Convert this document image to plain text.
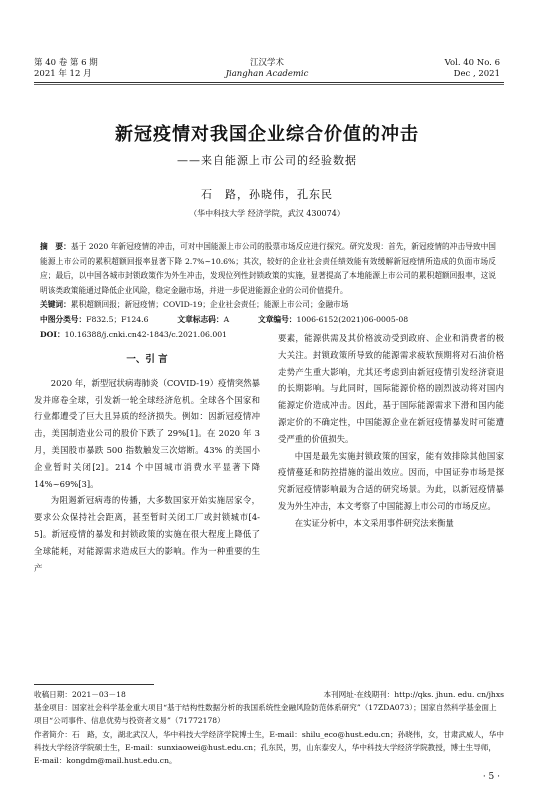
第 40 卷 第 6 期
2021 年 12 月
江汉学术
Jianghan Academic
Vol. 40 No. 6
Dec , 2021
新冠疫情对我国企业综合价值的冲击
——来自能源上市公司的经验数据
石　路，孙晓伟，孔东民
（华中科技大学 经济学院，武汉 430074）
摘　要：基于 2020 年新冠疫情的冲击，可对中国能源上市公司的股票市场反应进行探究。研究发现：首先，新冠疫情的冲击导致中国能源上市公司的累积超额回报率显著下降 2.7%~10.6%；其次，较好的企业社会责任绩效能有效缓解新冠疫情所造成的负面市场反应；最后，以中国各城市封锁政策作为外生冲击，发现位列性封锁政策的实施，显著提高了本地能源上市公司的累积超额回报率，这说明该类政策能通过降低企业风险，稳定金融市场，并进一步促进能源企业的公司价值提升。
关键词：累积超额回报；新冠疫情；COVID-19；企业社会责任；能源上市公司；金融市场
中图分类号：F832.5；F124.6	文章标志码：A	文章编号：1006-6152(2021)06-0005-08
DOI：10.16388/j.cnki.cn42-1843/c.2021.06.001

一、引 言

2020 年，新型冠状病毒肺炎（COVID-19）疫情突然暴发并席卷全球，引发新一轮全球经济危机。全球各个国家和行业都遭受了巨大且异质的经济损失。例如：因新冠疫情冲击，美国制造业公司的股价下跌了 29%[1]。在 2020 年 3 月，美国股市暴跌 500 指数触发三次熔断。43% 的美国小企业暂时关闭[2]。214 个中国城市消费水平显著下降 14%~69%[3]。

为阻遏新冠病毒的传播，大多数国家开始实施居家令，要求公众保持社会距离，甚至暂时关闭工厂或封锁城市[4-5]。新冠疫情的暴发和封锁政策的实施在很大程度上降低了全球能耗，对能源需求造成巨大的影响。作为一种重要的生产

要素，能源供需及其价格波动受到政府、企业和消费者的极大关注。封锁政策所导致的能源需求疲软预期将对石油价格走势产生重大影响，尤其还考虑到由新冠疫情引发经济衰退的长期影响。与此同时，国际能源价格的剧烈波动将对国内能源定价造成冲击。因此，基于国际能源需求下滑和国内能源定价的不确定性，中国能源企业在新冠疫情暴发时可能遭受严重的价值损失。

中国是最先实施封锁政策的国家，能有效排除其他国家疫情蔓延和防控措施的溢出效应。因而，中国证券市场是探究新冠疫情影响最为合适的研究场景。为此，以新冠疫情暴发为外生冲击，本文考察了中国能源上市公司的市场反应。

在实证分析中，本文采用事件研究法来衡量

收稿日期：2021－03－18	本刊网址·在线期刊：http://qks. jhun. edu. cn/jhxs
基金项目：国家社会科学基金重大项目“基于结构性数据分析的我国系统性金融风险防范体系研究”（17ZDA073）；国家自然科学基金面上项目“公司事件、信息优势与投资者文易”（71772178）
作者简介：石　路，女，湖北武汉人，华中科技大学经济学院博士生，E-mail：shilu_eco@hust.edu.cn；孙晓伟，女，甘肃武威人，华中科技大学经济学院硕士生，E-mail：sunxiaowei@hust.edu.cn；孔东民，男，山东泰安人，华中科技大学经济学院教授，博士生导师，E-mail：kongdm@mail.hust.edu.cn。
· 5 ·
